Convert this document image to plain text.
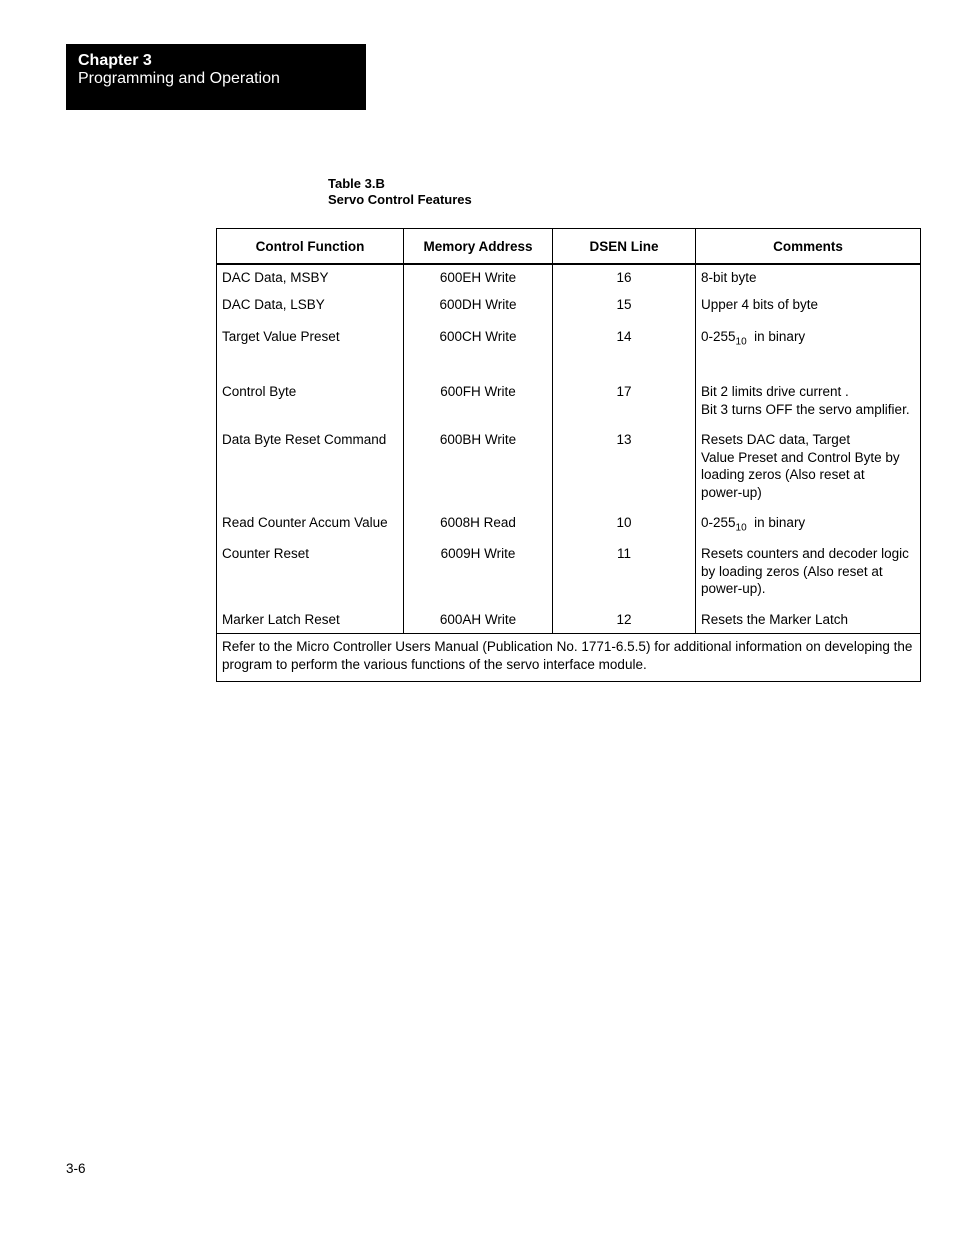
Chapter 3
Programming and Operation
Table 3.B
Servo Control Features
Control Function	Memory Address	DSEN Line	Comments
DAC Data, MSBY	600EH Write	16	8-bit byte

DAC Data, LSBY	600DH Write	15	Upper 4 bits of byte

Target Value Preset	600CH Write	14	$0-255_{10}$  in binary
Control Byte	600FH Write	17	Bit 2 limits drive current .
Bit 3 turns OFF the servo amplifier.

Data Byte Reset Command	600BH Write	13	Resets DAC data, Target
Value Preset and Control Byte by
loading zeros (Also reset at
power-up)

Read Counter Accum Value	6008H Read	10	$0-255_{10}$  in binary
Counter Reset	6009H Write	11	Resets counters and decoder logic
by loading zeros (Also reset at
power-up).

Marker Latch Reset	600AH Write	12	Resets the Marker Latch

Refer to the Micro Controller Users Manual (Publication No. 1771-6.5.5) for additional information on developing the program to perform the various functions of the servo interface module.			
3-6
